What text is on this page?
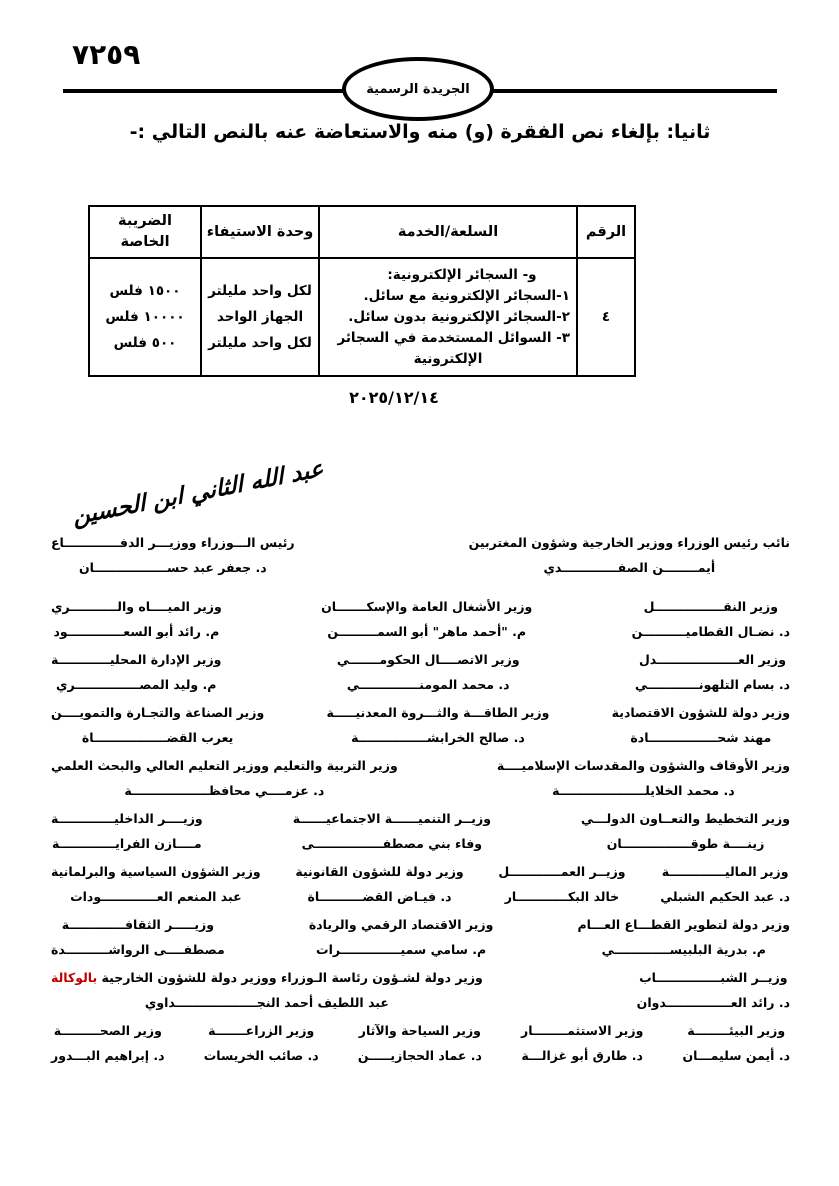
٧٢٥٩
الجريدة الرسمية
ثانيا: بإلغاء نص الفقرة (و) منه والاستعاضة عنه بالنص التالي :-
الرقم	السلعة/الخدمة	وحدة الاستيفاء	الضريبة الخاصة
٤	
و- السجائر الإلكترونية:
١-السجائر الإلكترونية مع سائل.
٢-السجائر الإلكترونية بدون سائل.
٣- السوائل المستخدمة في السجائر
الإلكترونية

لكل واحد مليلتر
الجهاز الواحد
لكل واحد مليلتر

١٥٠٠ فلس
١٠٠٠٠ فلس
٥٠٠ فلس
٢٠٢٥/١٢/١٤
عبد الله الثاني ابن الحسين
نائب رئيس الوزراء ووزير الخارجية وشؤون المغتربين
أيمــــــــن الصفـــــــــــــدي
رئيس الـــوزراء ووزيـــر الدفـــــــــــــاع
د. جعفر عبد حســـــــــــــــــان
وزير النقــــــــــــــــل
د. نضـال القطاميــــــــــن
وزير الأشغال العامة والإسكـــــــان
م. "أحمد ماهر" أبو السمـــــــــن
وزير الميــــاه والـــــــــــري
م. رائد أبو السعـــــــــــــود
وزير العـــــــــــــــــــدل
د. بسام التلهونــــــــــــي
وزير الاتصــــال الحكومـــــــي
د. محمد المومنــــــــــــــي
وزير الإدارة المحليــــــــــــة
م. وليد المصـــــــــــــــري
وزير دولة للشؤون الاقتصادية
مهند شحــــــــــــــــادة
وزير الطاقـــة والثـــروة المعدنيـــــة
د. صالح الخرابشــــــــــــــــة
وزير الصناعة والتجـارة والتمويــــن
يعرب القضـــــــــــــــــاة
وزير الأوقاف والشؤون والمقدسات الإسلاميــــة
د. محمد الخلايلــــــــــــــــــــة
وزير التربية والتعليم ووزير التعليم العالي والبحث العلمي
د. عزمــــي محافظــــــــــــــــــة
وزير التخطيط والتعــاون الدولـــي
زينــــة طوقــــــــــــــــان
وزيــر التنميــــــة الاجتماعيــــــة
وفاء بني مصطفــــــــــــــــى
وزيــــر الداخليـــــــــــــة
مــــازن الفرايـــــــــــــة
وزير الماليـــــــــــــة
د. عبد الحكيم الشبلي
وزيــر العمــــــــــــل
خالد البكــــــــــــار
وزير دولة للشؤون القانونية
د. فيـاض القضــــــــــاة
وزير الشؤون السياسية والبرلمانية
عبد المنعم العـــــــــــــودات
وزير دولة لتطوير القطـــاع العـــام
م. بدرية البلبيســـــــــــــي
وزير الاقتصاد الرقمي والريادة
م. سامي سميــــــــــــــرات
وزيـــــر الثقافـــــــــــــة
مصطفــــى الرواشــــــــــدة
وزيــر الشبـــــــــــــــاب
د. رائد العـــــــــــــــدوان
وزير دولة لشـؤون رئاسة الـوزراء ووزير دولة للشؤون الخارجية بالوكالة
عبد اللطيف أحمد النجـــــــــــــــــــداوي
وزير البيئــــــــة
د. أيمن سليمـــان
وزير الاستثمــــــــار
د. طارق أبو غزالـــة
وزير السياحة والآثار
د. عماد الحجازيـــــن
وزير الزراعـــــــة
د. صائب الخريسات
وزير الصحـــــــــة
د. إبراهيم البـــدور
